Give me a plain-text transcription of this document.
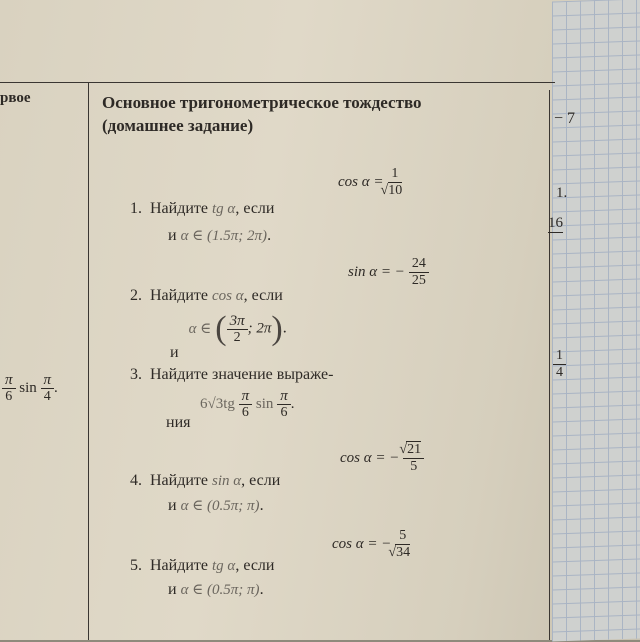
рвое
$\frac{\pi}{6}$ $\sin \frac{\pi}{4}$ .
− 7
1.
16
$\frac{1}{4}$
Основное тригонометрическое тождество
(домашнее задание)
1. Найдите tg α, если
cos α = 1
√ 10
и α ∈ (1.5π; 2π).
2. Найдите cos α, если
sin α = − $\frac{24}{25}$
и α ∈ ( $\frac{3\pi}{2}$ ; 2π).
3. Найдите значение выраже-
ния
$6√3tg \frac{\pi}{6}$ $\sin \frac{\pi}{6}$ .
4. Найдите sin α, если
cos α = −
√ $\frac{21}{5}$
и α ∈ (0.5π; π).
5. Найдите tg α, если
cos α = − 5
√ 34
и α ∈ (0.5π; π).
